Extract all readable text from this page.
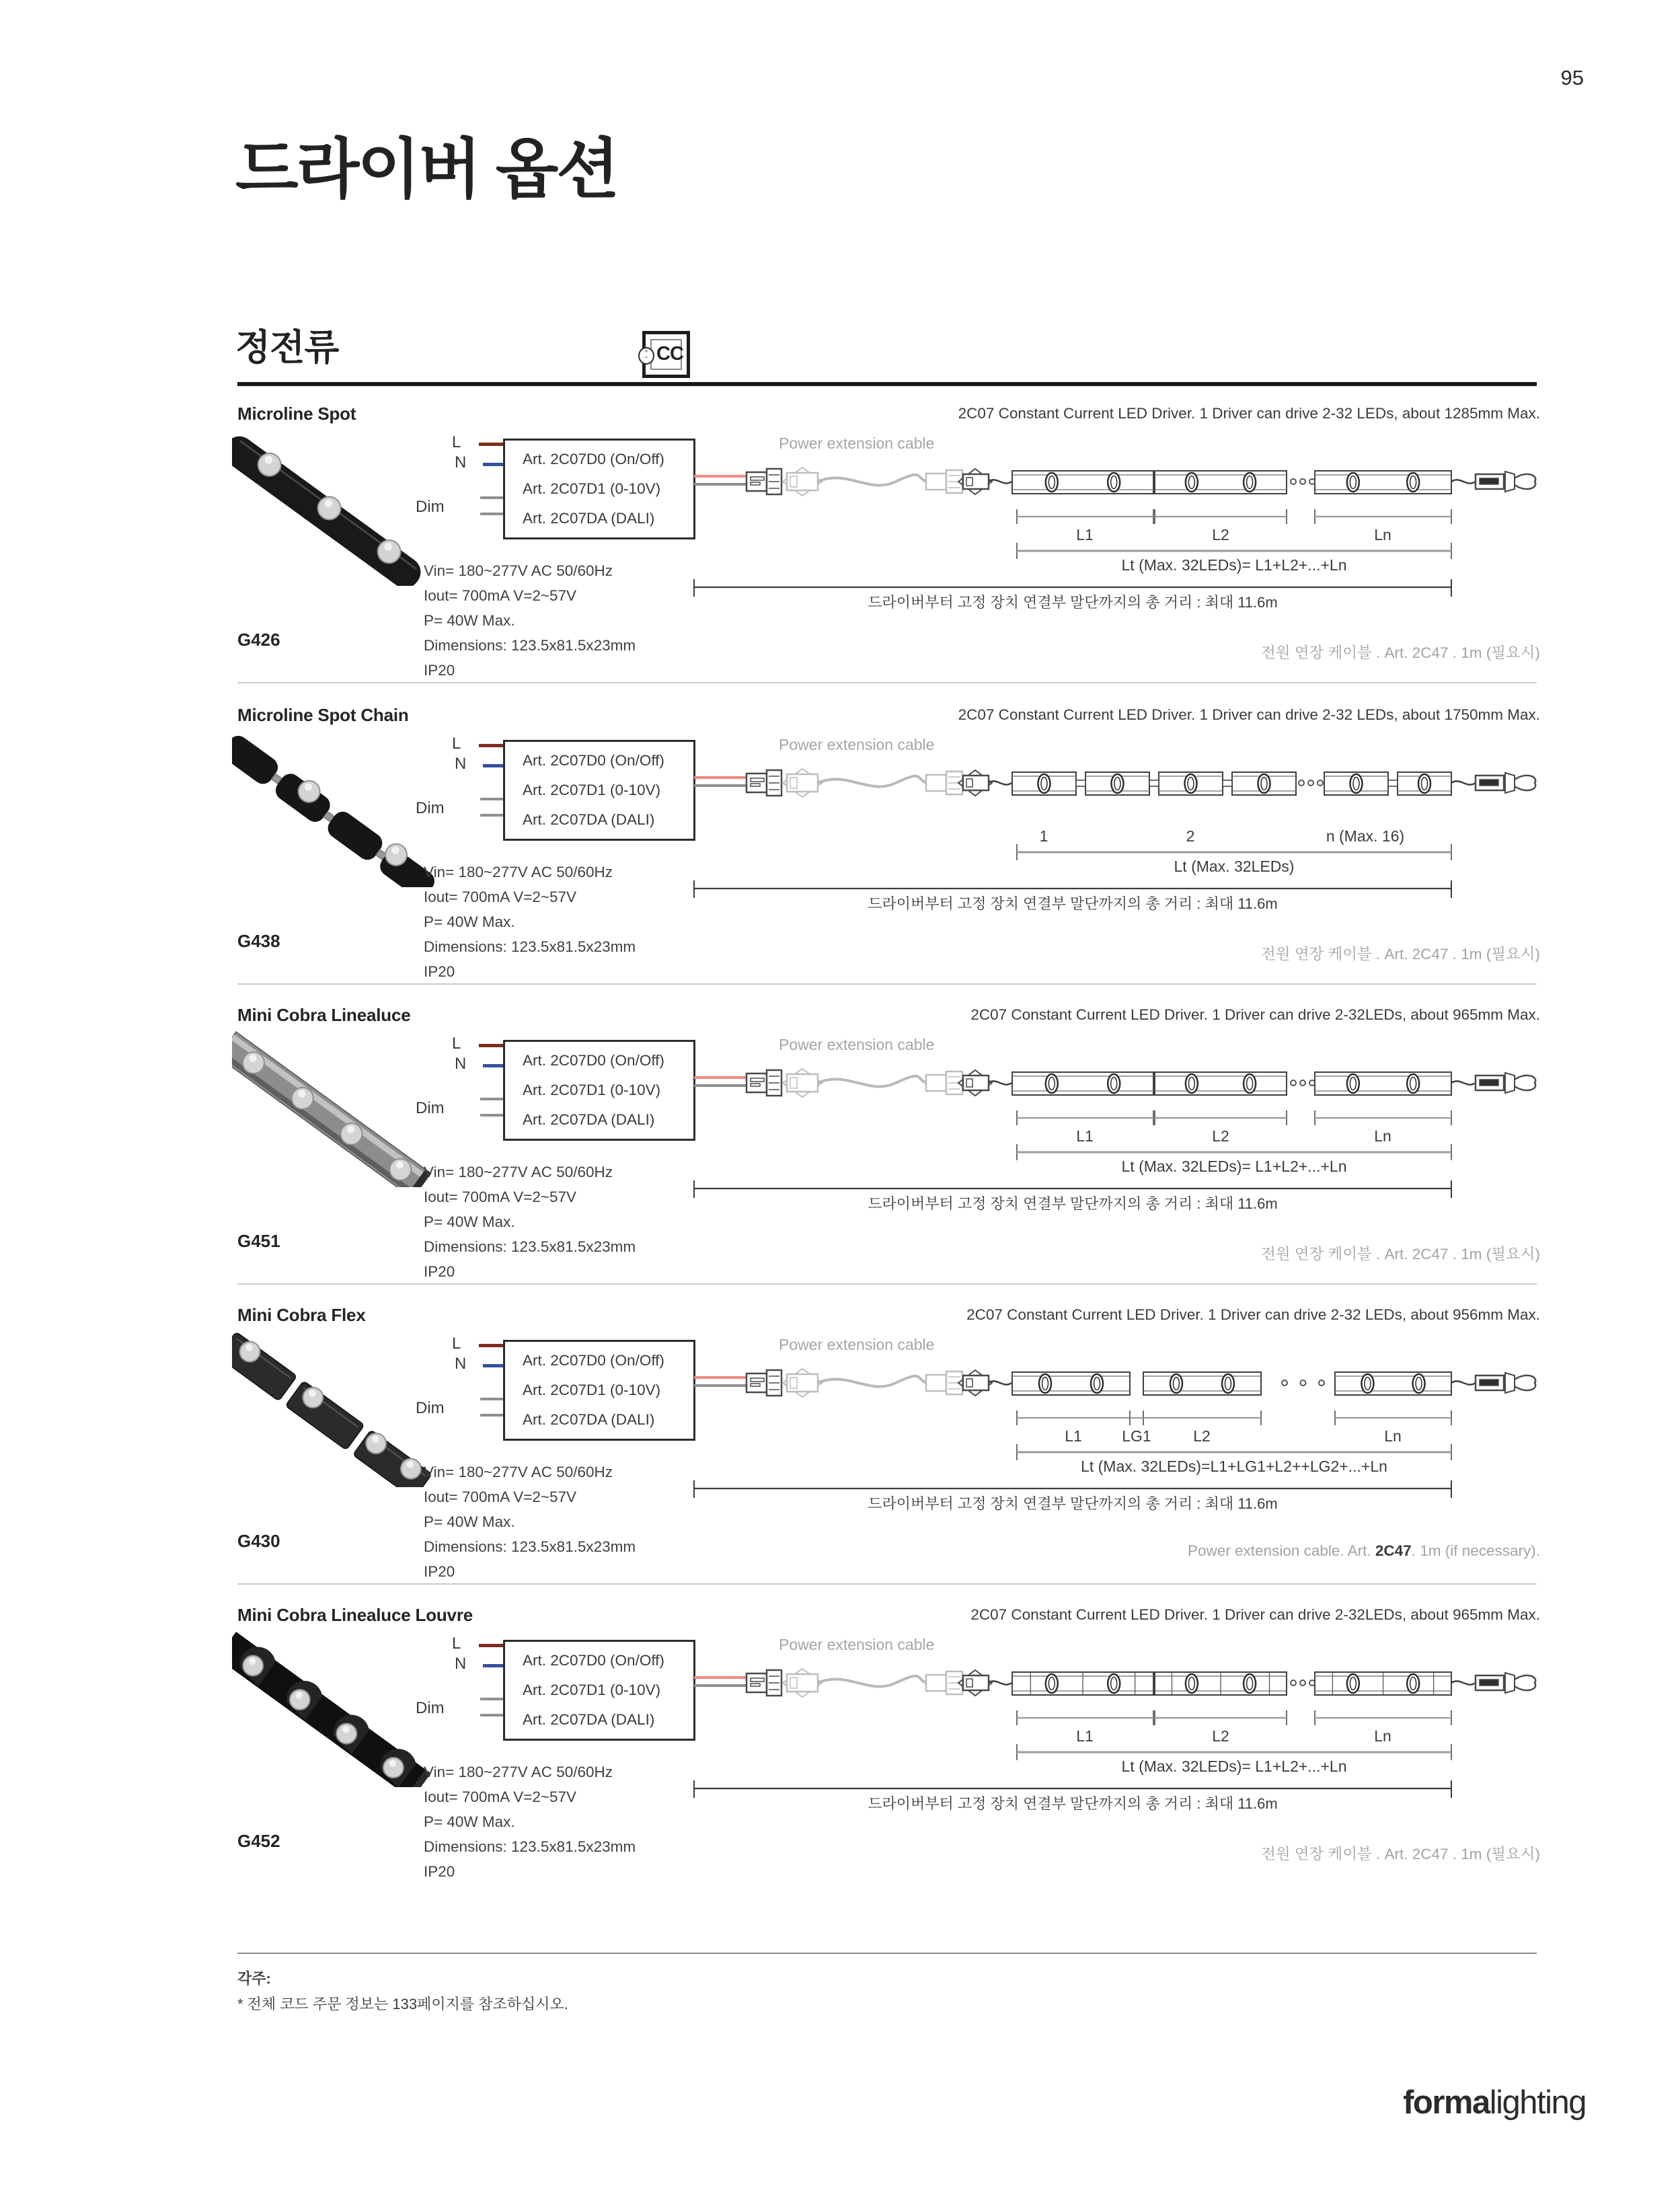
95
드라이버 옵션
정전류	+
− CC
각주:
* 전체 코드 주문 정보는 133페이지를 참조하십시오.
formalighting
Microline Spot	2C07 Constant Current LED Driver. 1 Driver can drive 2-32 LEDs, about 1285mm Max.
L
N
Dim
Art. 2C07D0 (On/Off)
Art. 2C07D1 (0-10V)
Art. 2C07DA (DALI)
Vin= 180~277V AC 50/60Hz
Iout= 700mA V=2~57V
P= 40W Max.
Dimensions: 123.5x81.5x23mm
IP20
G426
Power extension cable
L1	L2	Ln
Lt (Max. 32LEDs)= L1+L2+...+Ln
드라이버부터 고정 장치 연결부 말단까지의 총 거리 : 최대 11.6m
전원 연장 케이블 . Art. 2C47 . 1m (필요시)
Microline Spot Chain	2C07 Constant Current LED Driver. 1 Driver can drive 2-32 LEDs, about 1750mm Max.
L
N
Dim
Art. 2C07D0 (On/Off)
Art. 2C07D1 (0-10V)
Art. 2C07DA (DALI)
Vin= 180~277V AC 50/60Hz
Iout= 700mA V=2~57V
P= 40W Max.
Dimensions: 123.5x81.5x23mm
IP20
G438
Power extension cable
1	2	n (Max. 16)
Lt (Max. 32LEDs)
드라이버부터 고정 장치 연결부 말단까지의 총 거리 : 최대 11.6m
전원 연장 케이블 . Art. 2C47 . 1m (필요시)
Mini Cobra Linealuce	2C07 Constant Current LED Driver. 1 Driver can drive 2-32LEDs, about 965mm Max.
L
N
Dim
Art. 2C07D0 (On/Off)
Art. 2C07D1 (0-10V)
Art. 2C07DA (DALI)
Vin= 180~277V AC 50/60Hz
Iout= 700mA V=2~57V
P= 40W Max.
Dimensions: 123.5x81.5x23mm
IP20
G451
Power extension cable
L1	L2	Ln
Lt (Max. 32LEDs)= L1+L2+...+Ln
드라이버부터 고정 장치 연결부 말단까지의 총 거리 : 최대 11.6m
전원 연장 케이블 . Art. 2C47 . 1m (필요시)
Mini Cobra Flex	2C07 Constant Current LED Driver. 1 Driver can drive 2-32 LEDs, about 956mm Max.
L
N
Dim
Art. 2C07D0 (On/Off)
Art. 2C07D1 (0-10V)
Art. 2C07DA (DALI)
Vin= 180~277V AC 50/60Hz
Iout= 700mA V=2~57V
P= 40W Max.
Dimensions: 123.5x81.5x23mm
IP20
G430
Power extension cable
L1	LG1	L2	Ln
Lt (Max. 32LEDs)=L1+LG1+L2++LG2+...+Ln
드라이버부터 고정 장치 연결부 말단까지의 총 거리 : 최대 11.6m
Power extension cable. Art. 2C47. 1m (if necessary).
Mini Cobra Linealuce Louvre	2C07 Constant Current LED Driver. 1 Driver can drive 2-32LEDs, about 965mm Max.
L
N
Dim
Art. 2C07D0 (On/Off)
Art. 2C07D1 (0-10V)
Art. 2C07DA (DALI)
Vin= 180~277V AC 50/60Hz
Iout= 700mA V=2~57V
P= 40W Max.
Dimensions: 123.5x81.5x23mm
IP20
G452
Power extension cable
L1	L2	Ln
Lt (Max. 32LEDs)= L1+L2+...+Ln
드라이버부터 고정 장치 연결부 말단까지의 총 거리 : 최대 11.6m
전원 연장 케이블 . Art. 2C47 . 1m (필요시)
